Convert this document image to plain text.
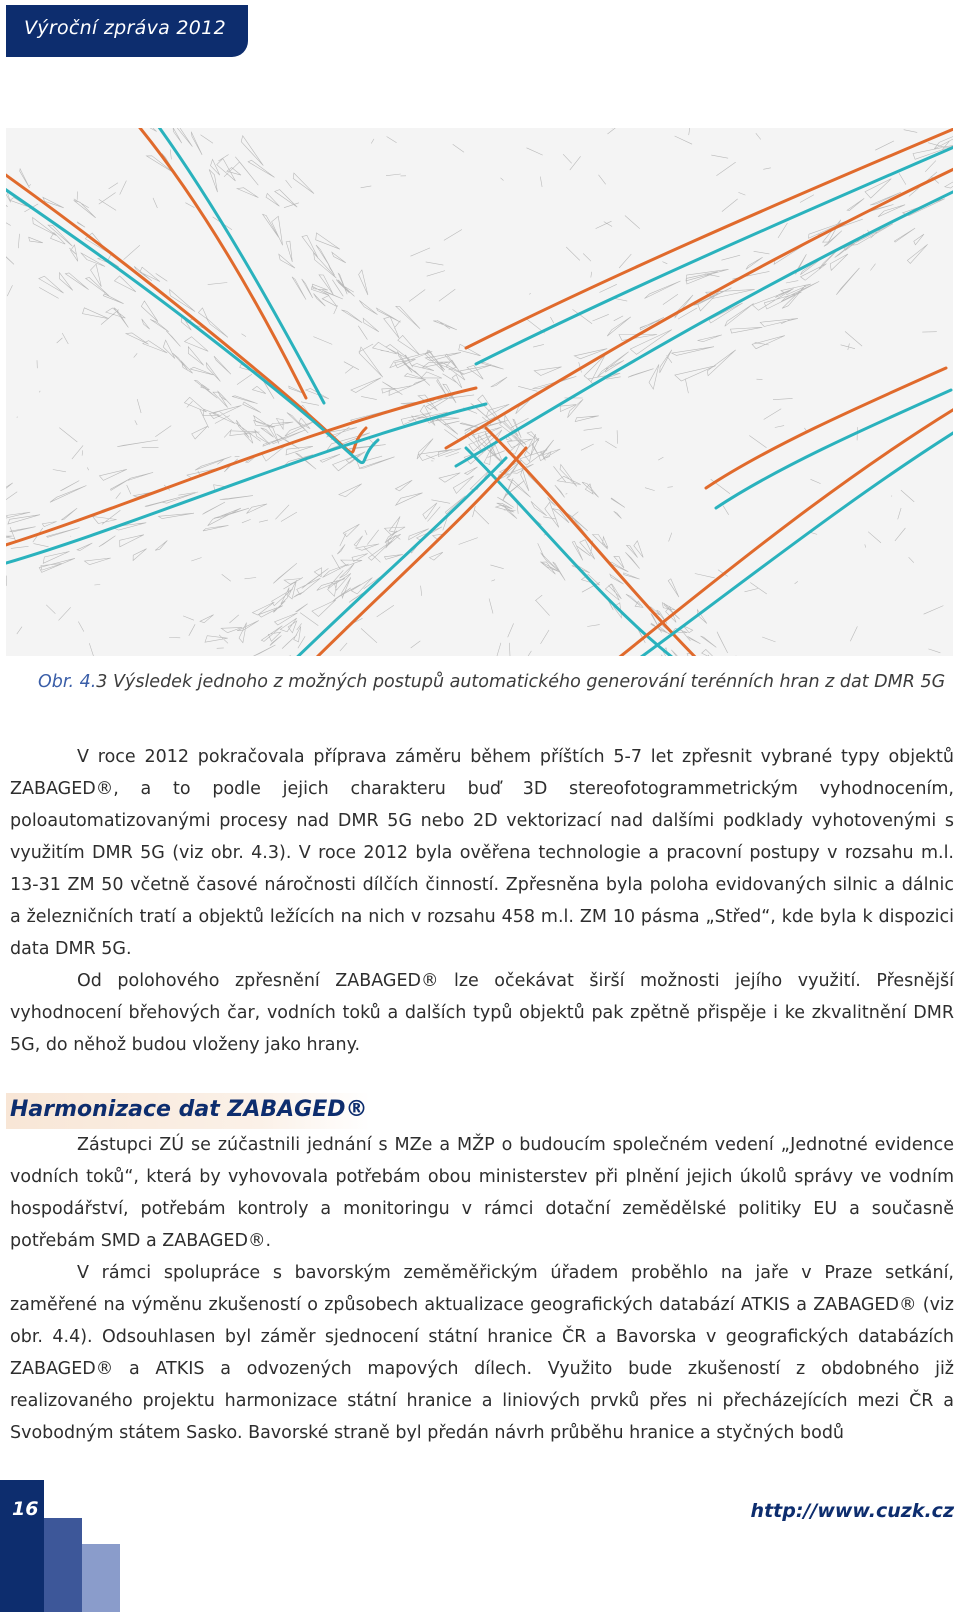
Výroční zpráva 2012
Obr. 4.3 Výsledek jednoho z možných postupů automatického generování terénních hran z dat DMR 5G

V roce 2012 pokračovala příprava záměru během příštích 5-7 let zpřesnit vybrané typy objektů ZABAGED®, a to podle jejich charakteru buď 3D stereofotogrammetrickým vyhodnocením, poloautomatizovanými procesy nad DMR 5G nebo 2D vektorizací nad dalšími podklady vyhotovenými s využitím DMR 5G (viz obr. 4.3). V roce 2012 byla ověřena technologie a pracovní postupy v rozsahu m.l. 13-31 ZM 50 včetně časové náročnosti dílčích činností. Zpřesněna byla poloha evidovaných silnic a dálnic a železničních tratí a objektů ležících na nich v rozsahu 458 m.l. ZM 10 pásma „Střed“, kde byla k dispozici data DMR 5G.

Od polohového zpřesnění ZABAGED® lze očekávat širší možnosti jejího využití. Přesnější vyhodnocení břehových čar, vodních toků a dalších typů objektů pak zpětně přispěje i ke zkvalitnění DMR 5G, do něhož budou vloženy jako hrany.

Harmonizace dat ZABAGED®

Zástupci ZÚ se zúčastnili jednání s MZe a MŽP o budoucím společném vedení „Jednotné evidence vodních toků“, která by vyhovovala potřebám obou ministerstev při plnění jejich úkolů správy ve vodním hospodářství, potřebám kontroly a monitoringu v rámci dotační zemědělské politiky EU a současně potřebám SMD a ZABAGED®.

V rámci spolupráce s bavorským zeměměřickým úřadem proběhlo na jaře v Praze setkání, zaměřené na výměnu zkušeností o způsobech aktualizace geografických databází ATKIS a ZABAGED® (viz obr. 4.4). Odsouhlasen byl záměr sjednocení státní hranice ČR a Bavorska v geografických databázích ZABAGED® a ATKIS a odvozených mapových dílech. Využito bude zkušeností z obdobného již realizovaného projektu harmonizace státní hranice a liniových prvků přes ni přecházejících mezi ČR a Svobodným státem Sasko. Bavorské straně byl předán návrh průběhu hranice a styčných bodů

16	http://www.cuzk.cz
